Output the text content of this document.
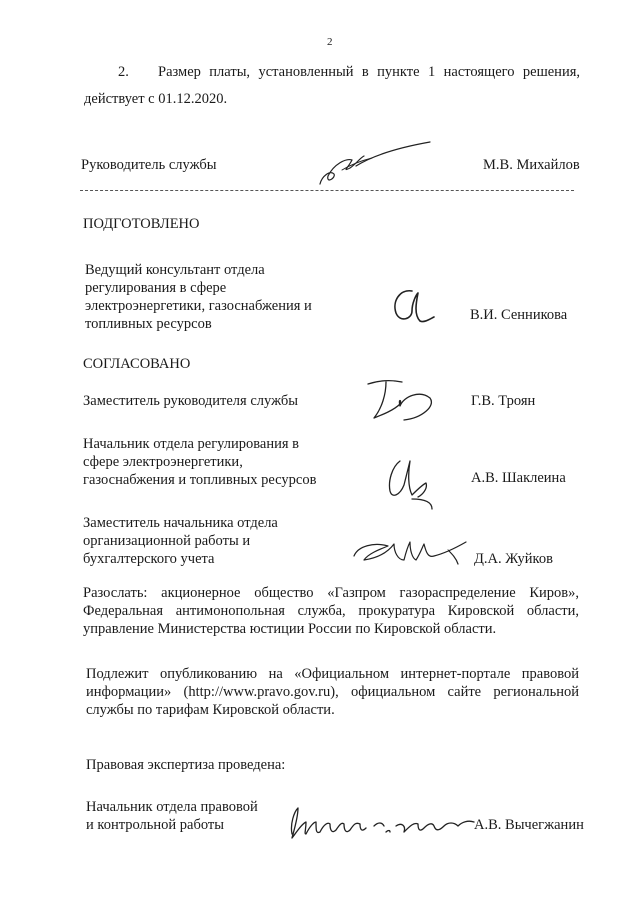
2
2. Размер платы, установленный в пункте 1 настоящего решения,
действует с 01.12.2020.
Руководитель службы	М.В. Михайлов
ПОДГОТОВЛЕНО
Ведущий консультант отдела
регулирования в сфере
электроэнергетики, газоснабжения и
топливных ресурсов
В.И. Сенникова
СОГЛАСОВАНО
Заместитель руководителя службы	Г.В. Троян
Начальник отдела регулирования в
сфере электроэнергетики,
газоснабжения и топливных ресурсов	А.В. Шаклеина
Заместитель начальника отдела
организационной работы и
бухгалтерского учета	Д.А. Жуйков
Разослать: акционерное общество «Газпром газораспределение Киров»,
Федеральная антимонопольная служба, прокуратура Кировской области,
управление Министерства юстиции России по Кировской области.
Подлежит опубликованию на «Официальном интернет-портале правовой
информации» (http://www.pravo.gov.ru), официальном сайте региональной
службы по тарифам Кировской области.
Правовая экспертиза проведена:
Начальник отдела правовой
и контрольной работы	А.В. Вычегжанин
